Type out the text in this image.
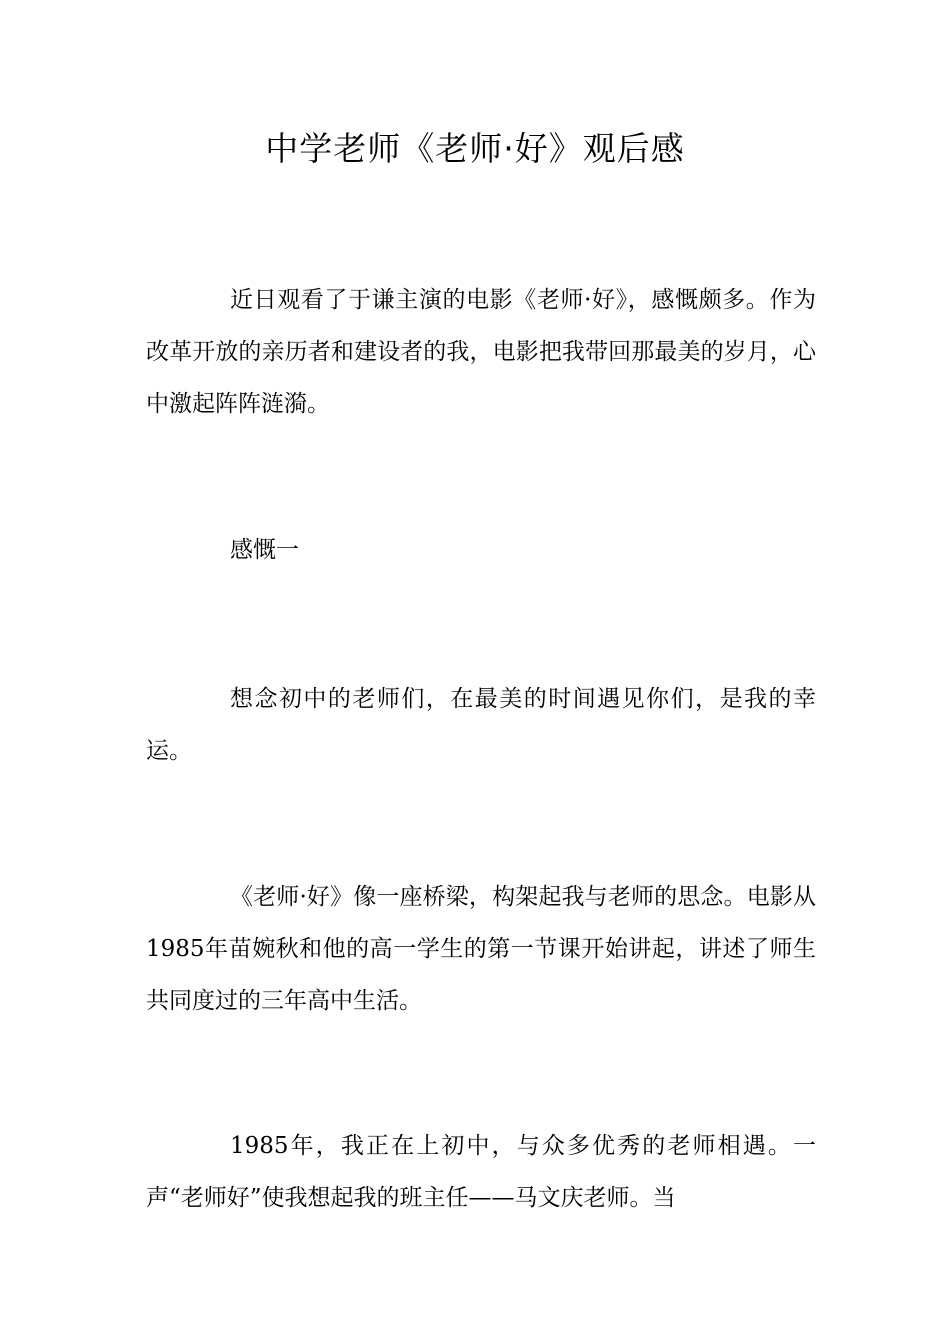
中学老师《老师·好》观后感

近日观看了于谦主演的电影《老师·好》，感慨颇多。作为改革开放的亲历者和建设者的我，电影把我带回那最美的岁月，心中激起阵阵涟漪。

感慨一

想念初中的老师们，在最美的时间遇见你们，是我的幸运。

《老师·好》像一座桥梁，构架起我与老师的思念。电影从1985年苗婉秋和他的高一学生的第一节课开始讲起，讲述了师生共同度过的三年高中生活。

1985年，我正在上初中，与众多优秀的老师相遇。一声“老师好”使我想起我的班主任——马文庆老师。当
